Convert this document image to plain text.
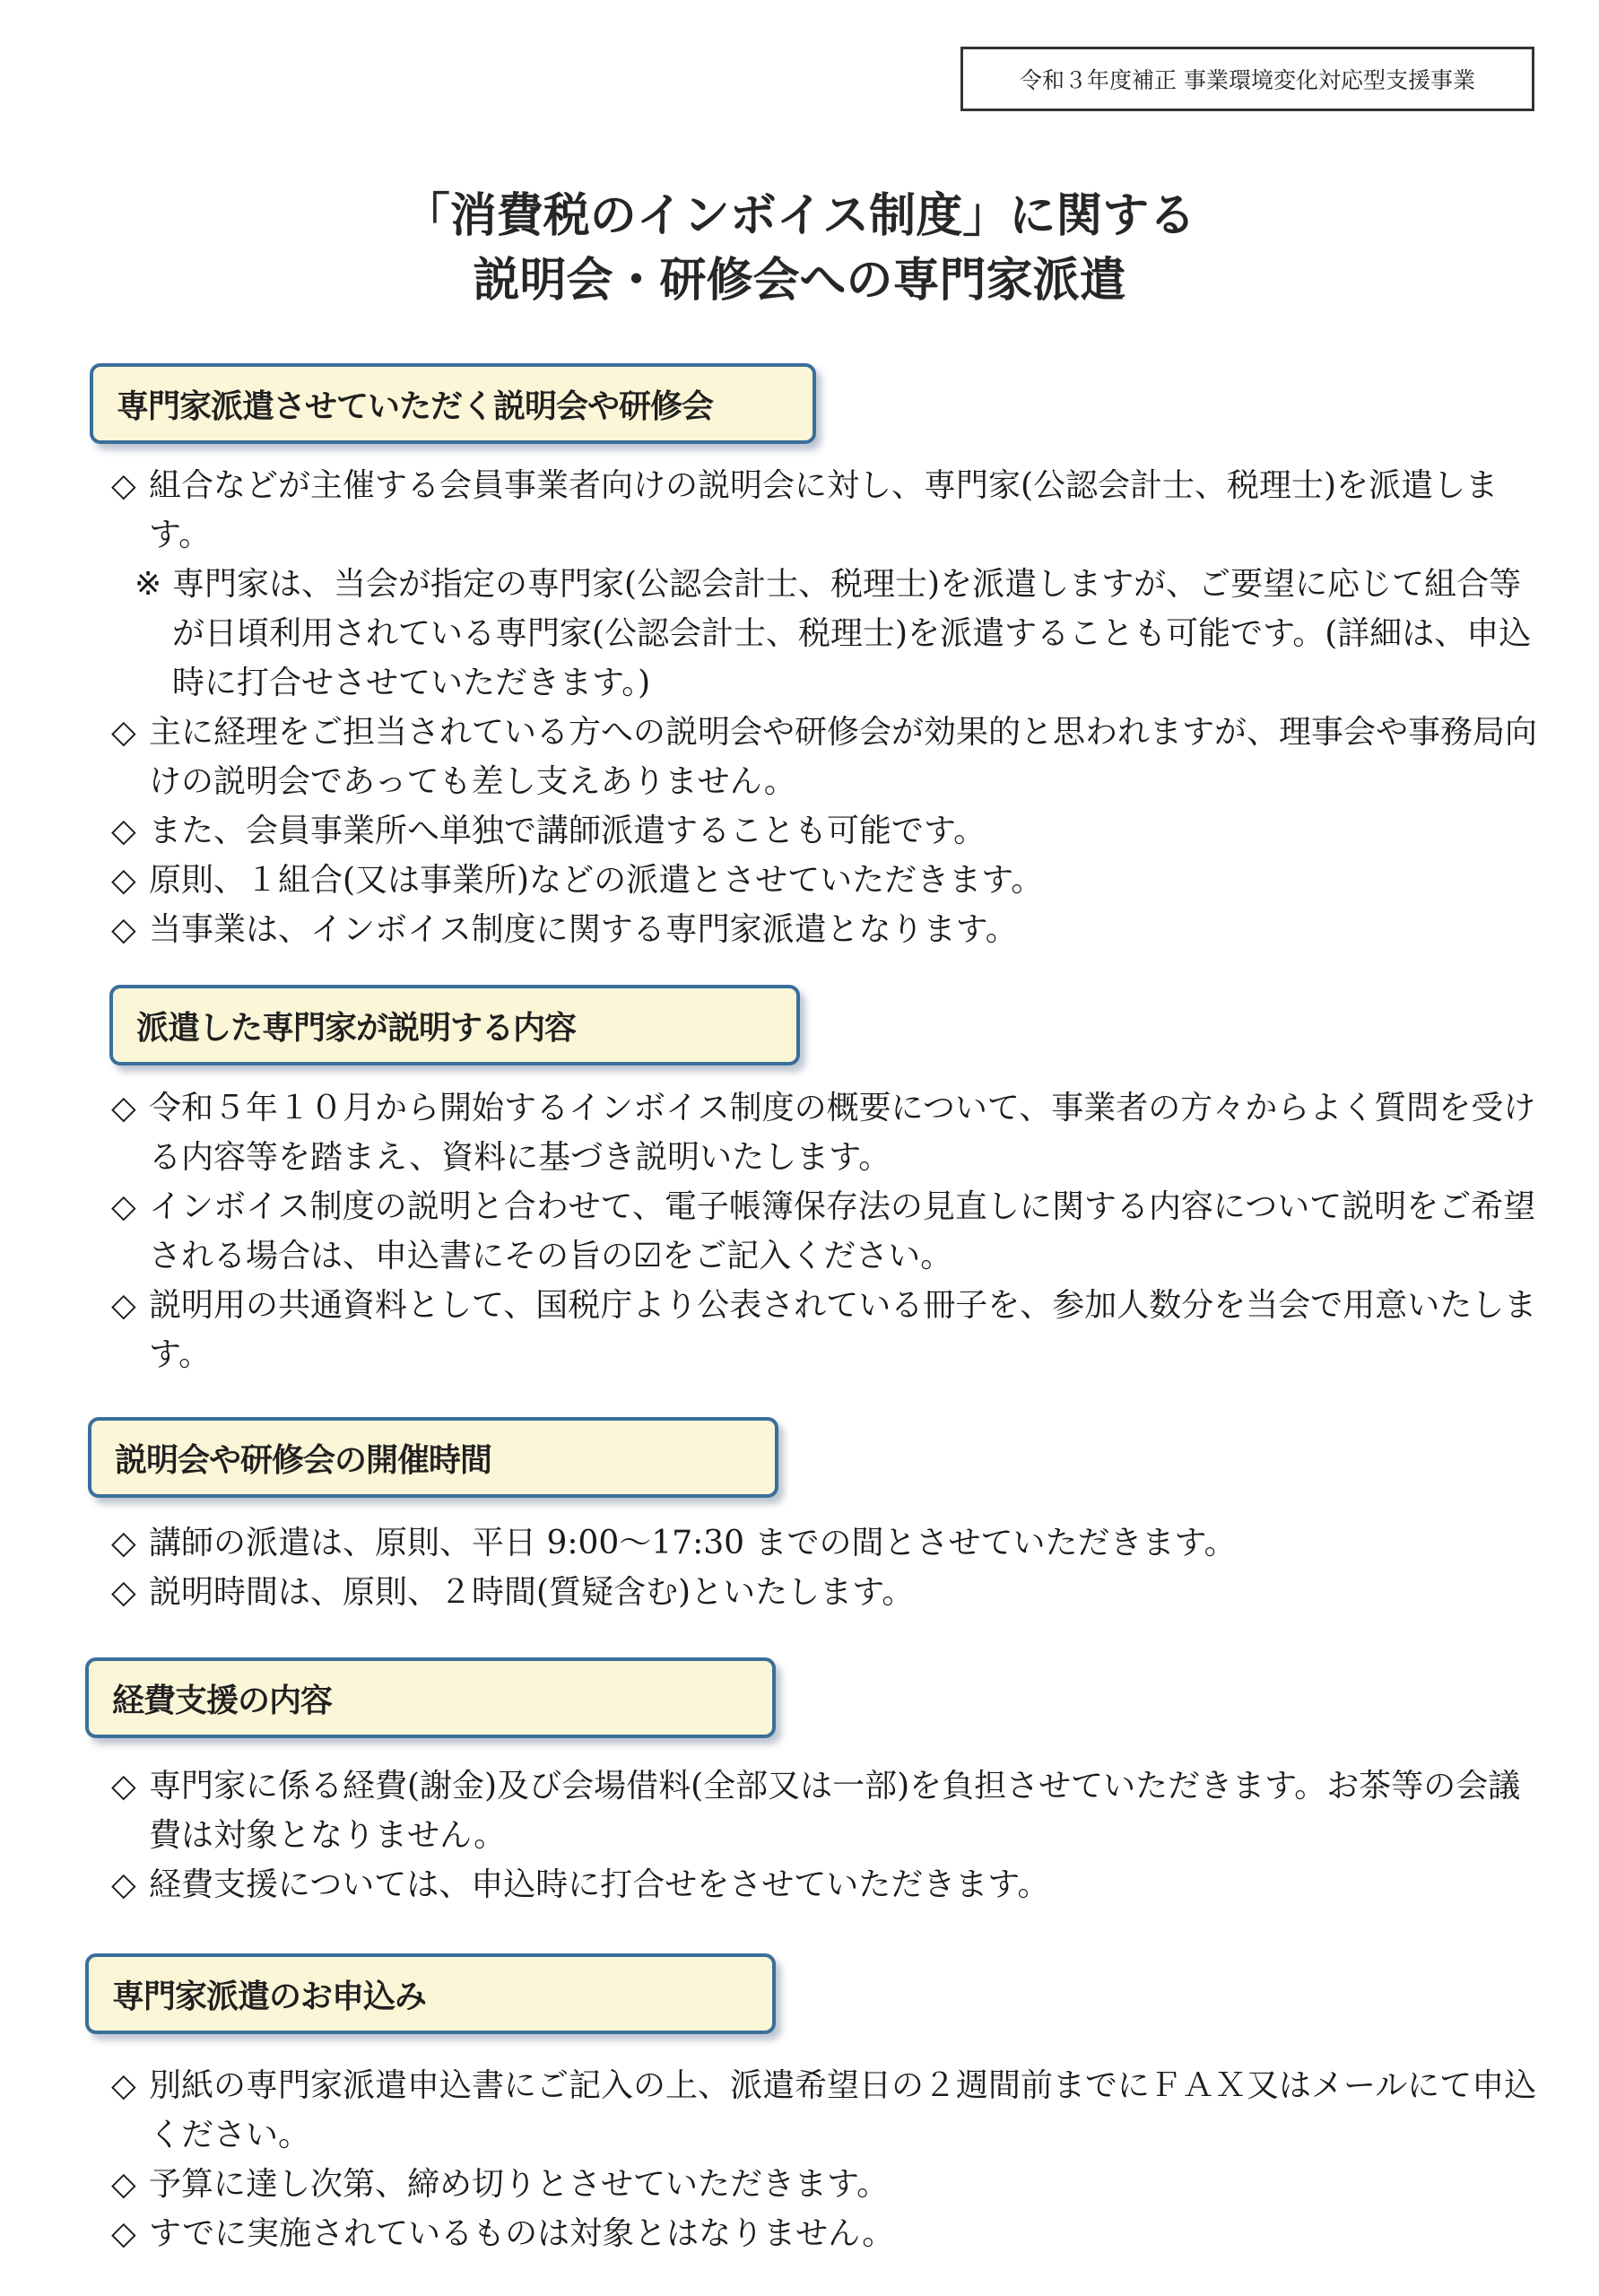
令和３年度補正 事業環境変化対応型支援事業
「消費税のインボイス制度」に関する
説明会・研修会への専門家派遣
専門家派遣させていただく説明会や研修会

◇ 組合などが主催する会員事業者向けの説明会に対し、専門家(公認会計士、税理士)を派遣します。

※ 専門家は、当会が指定の専門家(公認会計士、税理士)を派遣しますが、ご要望に応じて組合等が日頃利用されている専門家(公認会計士、税理士)を派遣することも可能です。(詳細は、申込時に打合せさせていただきます。)

◇ 主に経理をご担当されている方への説明会や研修会が効果的と思われますが、理事会や事務局向けの説明会であっても差し支えありません。

◇ また、会員事業所へ単独で講師派遣することも可能です。

◇ 原則、１組合(又は事業所)などの派遣とさせていただきます。

◇ 当事業は、インボイス制度に関する専門家派遣となります。

派遣した専門家が説明する内容

◇ 令和５年１０月から開始するインボイス制度の概要について、事業者の方々からよく質問を受ける内容等を踏まえ、資料に基づき説明いたします。

◇ インボイス制度の説明と合わせて、電子帳簿保存法の見直しに関する内容について説明をご希望される場合は、申込書にその旨の☑をご記入ください。

◇ 説明用の共通資料として、国税庁より公表されている冊子を、参加人数分を当会で用意いたします。

説明会や研修会の開催時間

◇ 講師の派遣は、原則、平日 9:00～17:30 までの間とさせていただきます。

◇ 説明時間は、原則、２時間(質疑含む)といたします。

経費支援の内容

◇ 専門家に係る経費(謝金)及び会場借料(全部又は一部)を負担させていただきます。お茶等の会議費は対象となりません。

◇ 経費支援については、申込時に打合せをさせていただきます。

専門家派遣のお申込み

◇ 別紙の専門家派遣申込書にご記入の上、派遣希望日の２週間前までにＦＡＸ又はメールにて申込ください。

◇ 予算に達し次第、締め切りとさせていただきます。

◇ すでに実施されているものは対象とはなりません。
